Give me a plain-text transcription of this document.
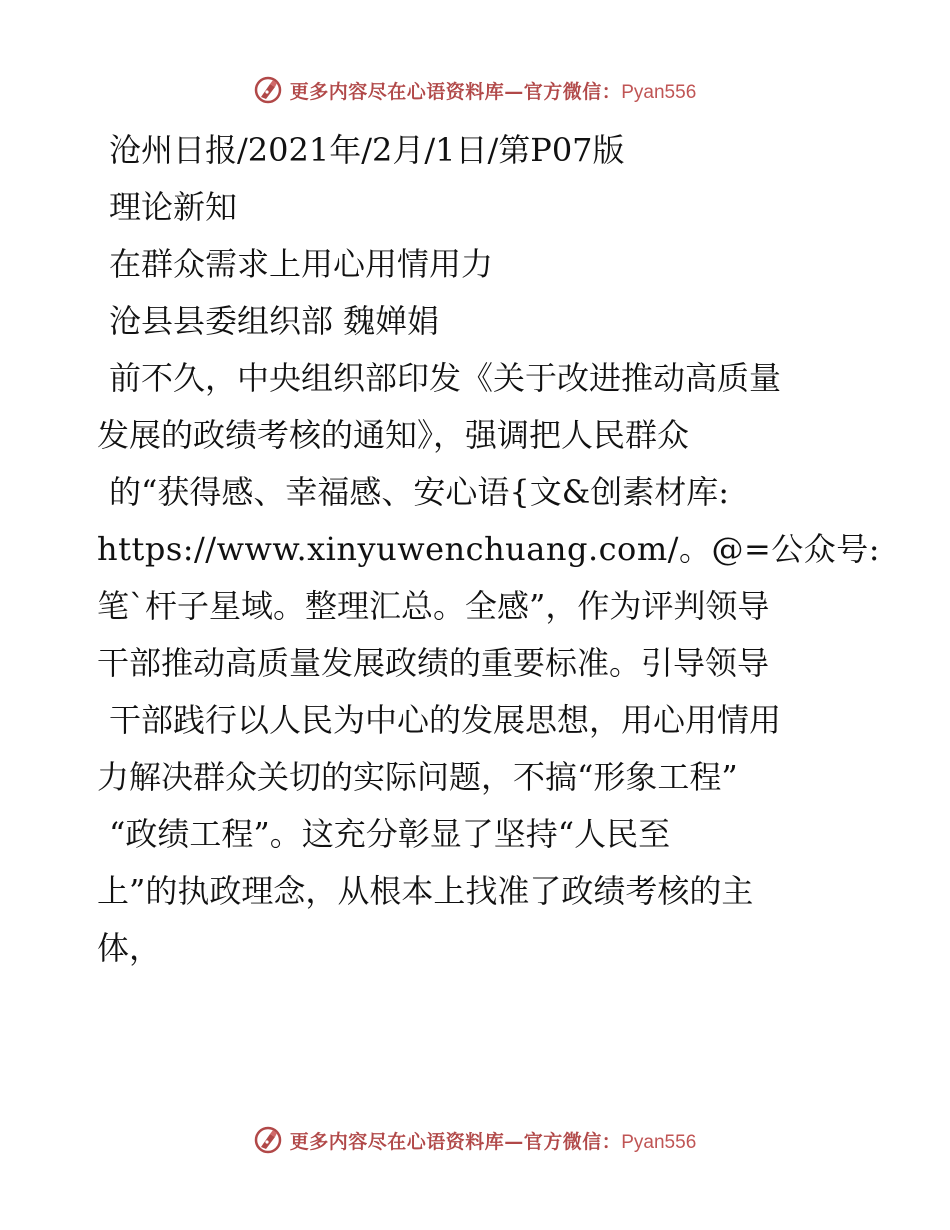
更多内容尽在心语资料库—官方微信：Pyan556
沧州日报/2021年/2月/1日/第P07版
理论新知
在群众需求上用心用情用力
沧县县委组织部 魏婵娟
前不久，中央组织部印发《关于改进推动高质量
发展的政绩考核的通知》，强调把人民群众
的“获得感、幸福感、安心语{文&创素材库:
https://www.xinyuwenchuang.com/。@=公众号:
笔`杆子星域。整理汇总。全感”，作为评判领导
干部推动高质量发展政绩的重要标准。引导领导
干部践行以人民为中心的发展思想，用心用情用
力解决群众关切的实际问题，不搞“形象工程”
“政绩工程”。这充分彰显了坚持“人民至
上”的执政理念，从根本上找准了政绩考核的主
体，
更多内容尽在心语资料库—官方微信：Pyan556
